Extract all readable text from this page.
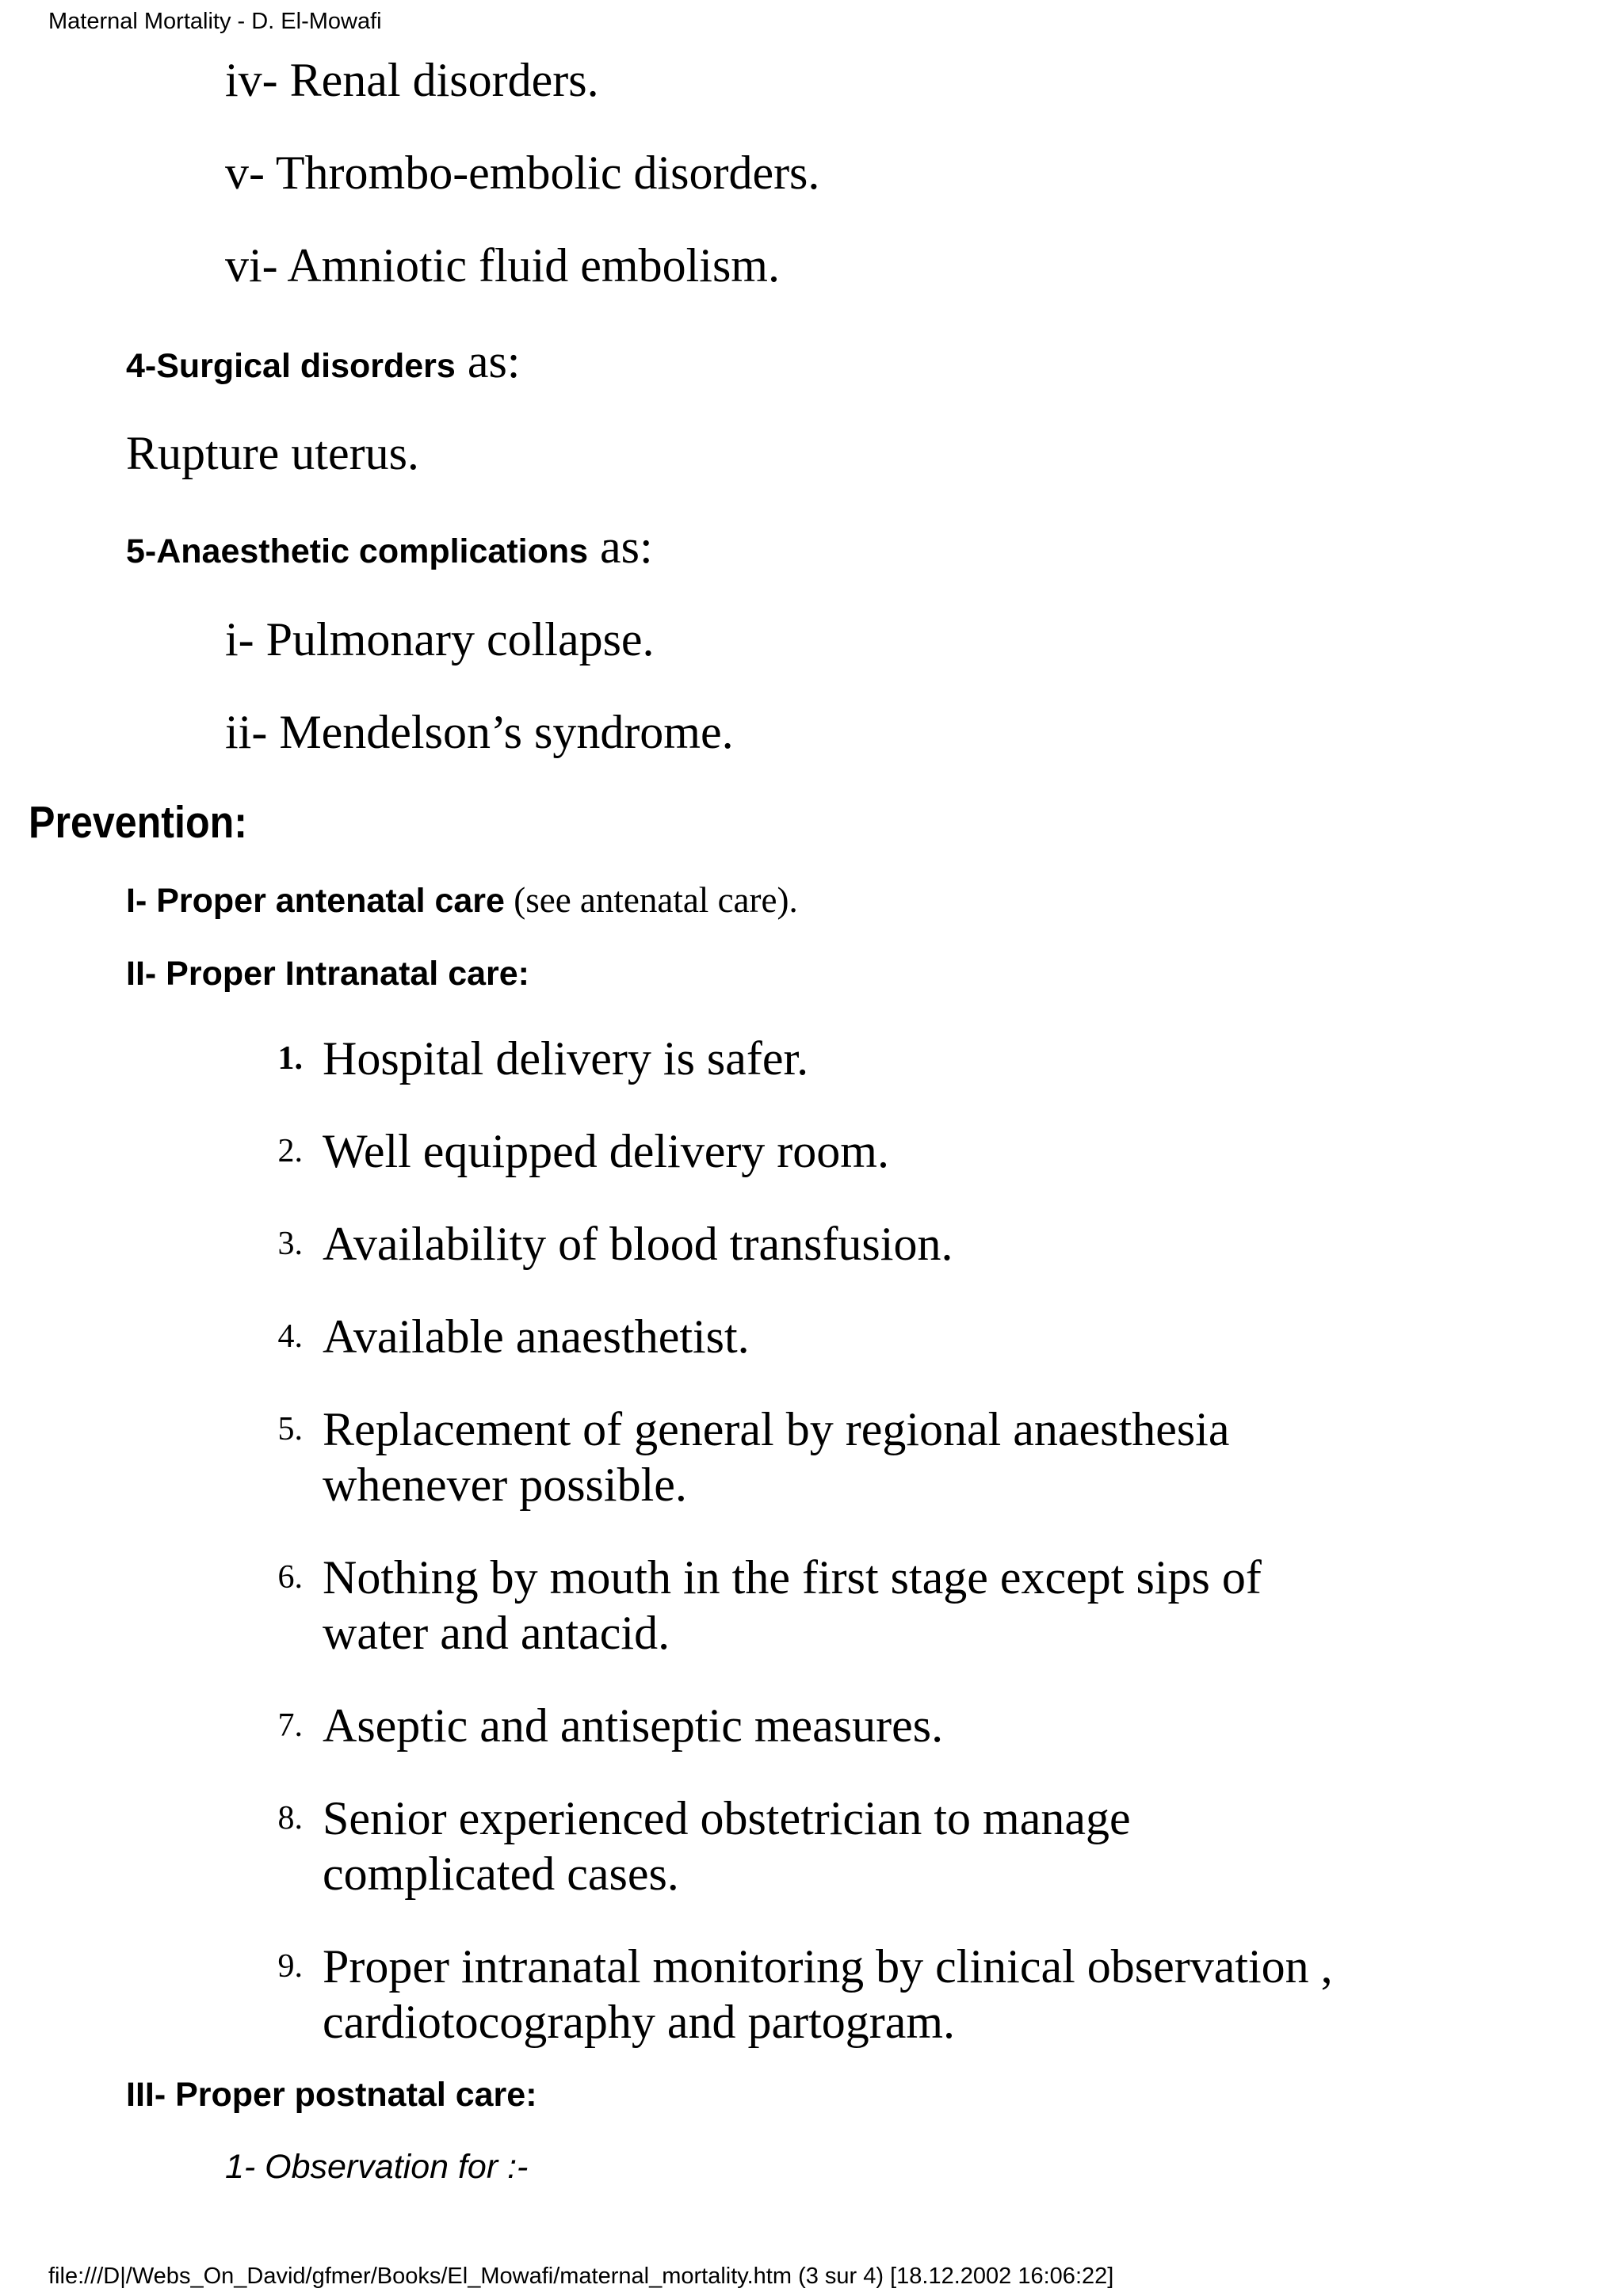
Maternal Mortality - D. El-Mowafi
iv- Renal disorders.
v- Thrombo-embolic disorders.
vi- Amniotic fluid embolism.
4-Surgical disorders as:
Rupture uterus.
5-Anaesthetic complications as:
i- Pulmonary collapse.
ii- Mendelson’s syndrome.
Prevention:
I- Proper antenatal care (see antenatal care).
II- Proper Intranatal care:
1. Hospital delivery is safer.
2. Well equipped delivery room.
3. Availability of blood transfusion.
4. Available anaesthetist.
5. Replacement of general by regional anaesthesia
whenever possible.
6. Nothing by mouth in the first stage except sips of
water and antacid.
7. Aseptic and antiseptic measures.
8. Senior experienced obstetrician to manage
complicated cases.
9. Proper intranatal monitoring by clinical observation ,
cardiotocography and partogram.
III- Proper postnatal care:
1- Observation for :-
file:///D|/Webs_On_David/gfmer/Books/El_Mowafi/maternal_mortality.htm (3 sur 4) [18.12.2002 16:06:22]
